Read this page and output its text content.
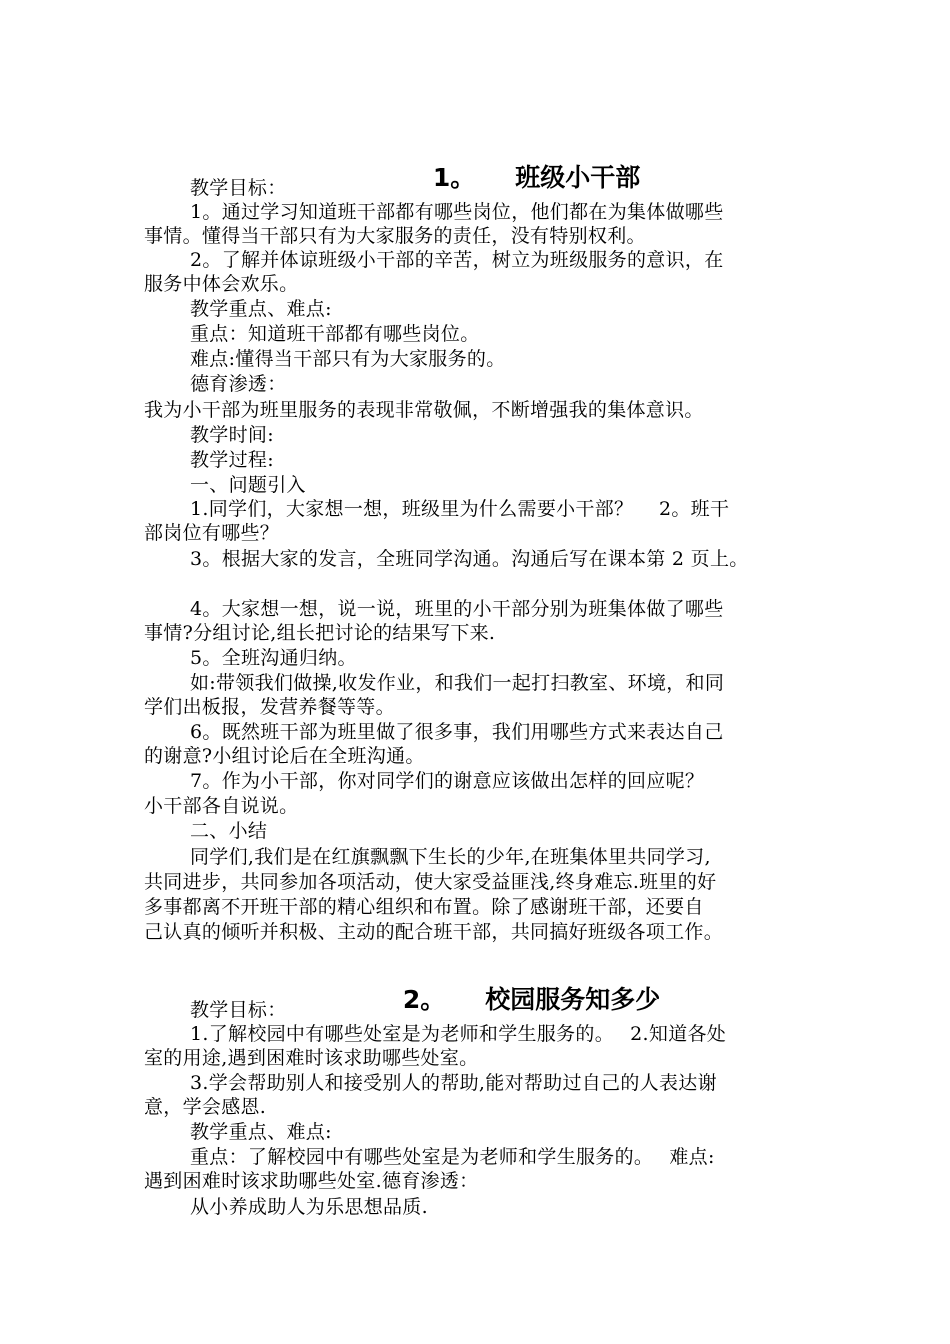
1。 班级小干部

教学目标：
1。通过学习知道班干部都有哪些岗位，他们都在为集体做哪些
事情。懂得当干部只有为大家服务的责任，没有特别权利。
2。了解并体谅班级小干部的辛苦，树立为班级服务的意识，在
服务中体会欢乐。
教学重点、难点:
重点：知道班干部都有哪些岗位。
难点:懂得当干部只有为大家服务的。
德育渗透：
我为小干部为班里服务的表现非常敬佩，不断增强我的集体意识。
教学时间:
教学过程:
一、问题引入
1.同学们，大家想一想，班级里为什么需要小干部？　 2。班干
部岗位有哪些？
3。根据大家的发言，全班同学沟通。沟通后写在课本第 2 页上。
4。大家想一想，说一说，班里的小干部分别为班集体做了哪些
事情?分组讨论,组长把讨论的结果写下来.
5。全班沟通归纳。
如:带领我们做操,收发作业，和我们一起打扫教室、环境，和同
学们出板报，发营养餐等等。
6。既然班干部为班里做了很多事，我们用哪些方式来表达自己
的谢意?小组讨论后在全班沟通。
7。作为小干部，你对同学们的谢意应该做出怎样的回应呢？
小干部各自说说。
二、小结
同学们,我们是在红旗飘飘下生长的少年,在班集体里共同学习,
共同进步，共同参加各项活动，使大家受益匪浅,终身难忘.班里的好
多事都离不开班干部的精心组织和布置。除了感谢班干部，还要自
己认真的倾听并积极、主动的配合班干部，共同搞好班级各项工作。

2。 校园服务知多少

教学目标：
1.了解校园中有哪些处室是为老师和学生服务的。　 2.知道各处
室的用途,遇到困难时该求助哪些处室。
3.学会帮助别人和接受别人的帮助,能对帮助过自己的人表达谢
意，学会感恩.
教学重点、难点:
重点：了解校园中有哪些处室是为老师和学生服务的。　 难点:
遇到困难时该求助哪些处室.德育渗透：
从小养成助人为乐思想品质.
